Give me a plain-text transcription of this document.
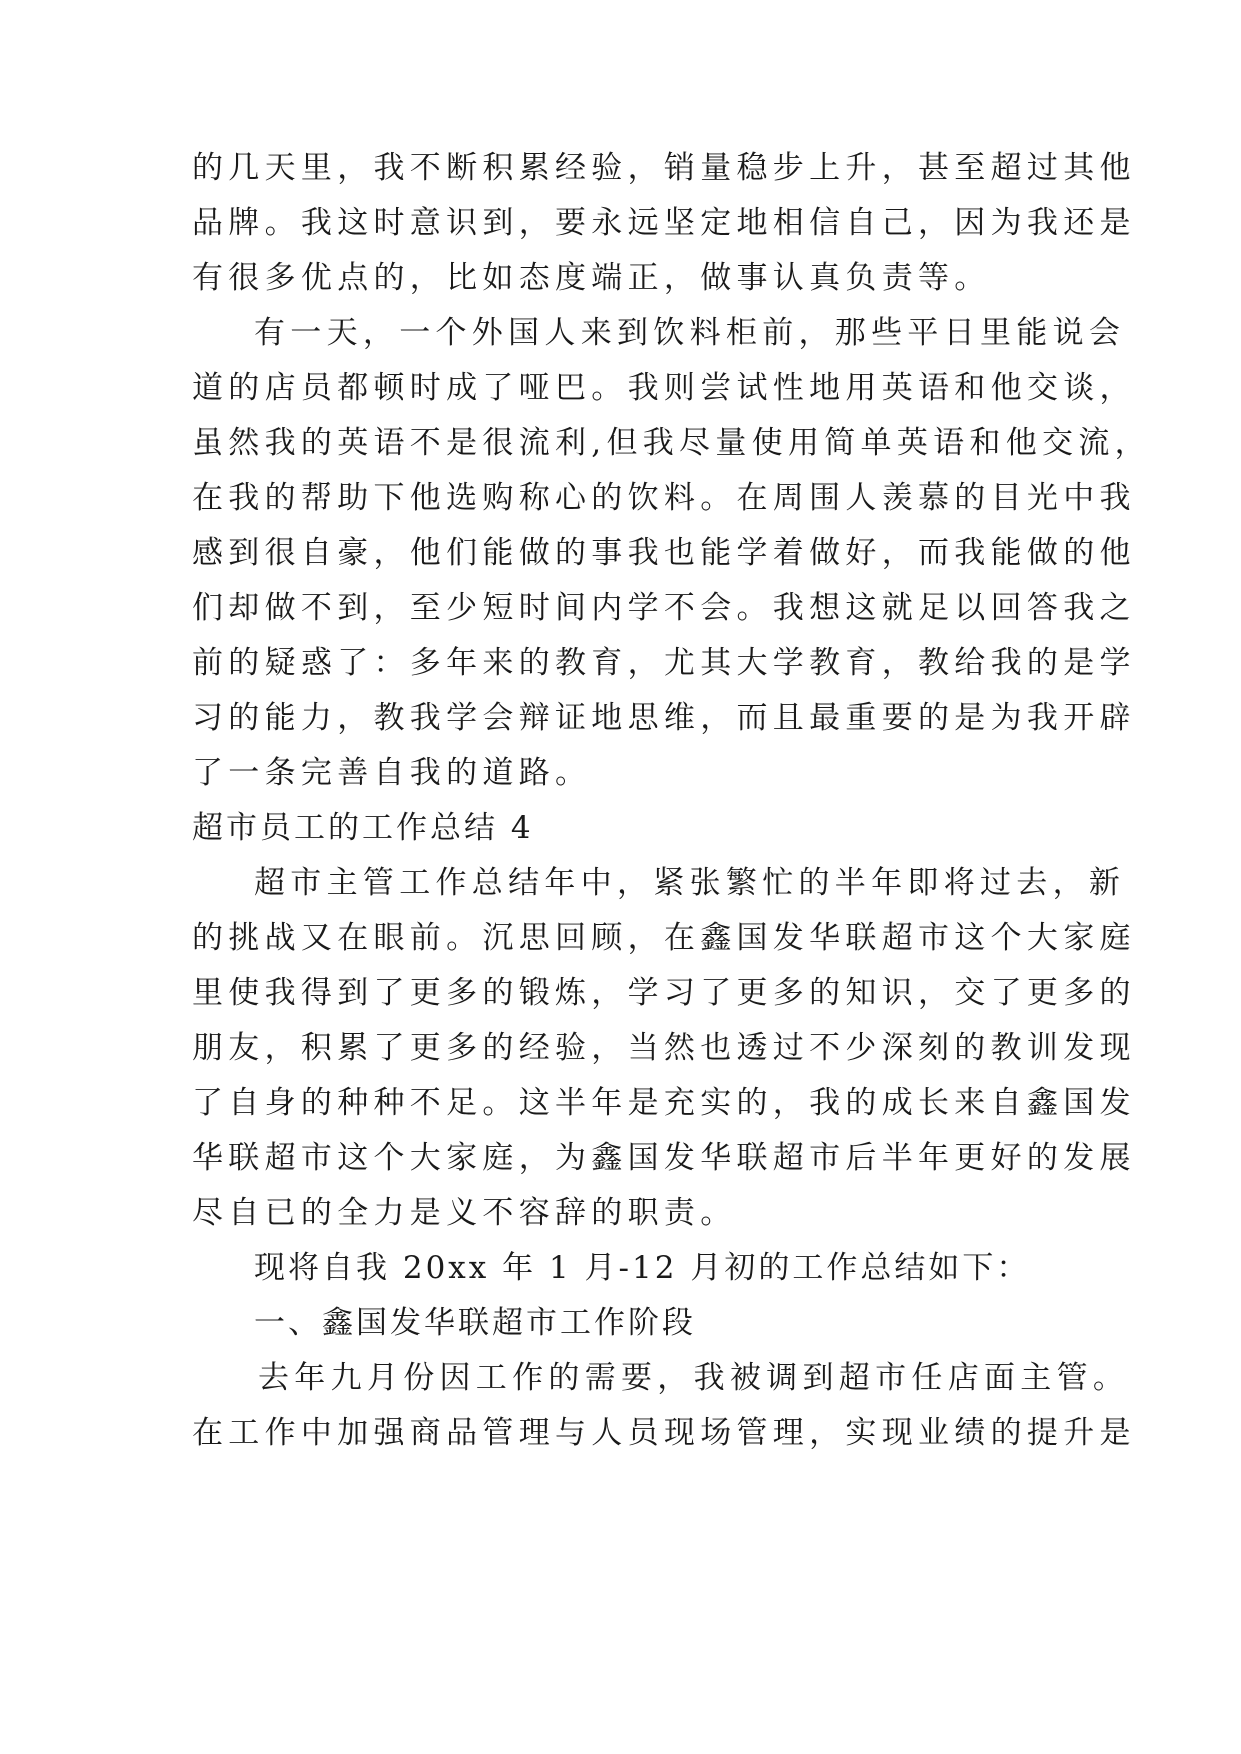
的几天里，我不断积累经验，销量稳步上升，甚至超过其他
品牌。我这时意识到，要永远坚定地相信自己，因为我还是
有很多优点的，比如态度端正，做事认真负责等。
有一天，一个外国人来到饮料柜前，那些平日里能说会
道的店员都顿时成了哑巴。我则尝试性地用英语和他交谈，
虽然我的英语不是很流利,但我尽量使用简单英语和他交流，
在我的帮助下他选购称心的饮料。在周围人羡慕的目光中我
感到很自豪，他们能做的事我也能学着做好，而我能做的他
们却做不到，至少短时间内学不会。我想这就足以回答我之
前的疑惑了：多年来的教育，尤其大学教育，教给我的是学
习的能力，教我学会辩证地思维，而且最重要的是为我开辟
了一条完善自我的道路。
超市员工的工作总结 4
超市主管工作总结年中，紧张繁忙的半年即将过去，新
的挑战又在眼前。沉思回顾，在鑫国发华联超市这个大家庭
里使我得到了更多的锻炼，学习了更多的知识，交了更多的
朋友，积累了更多的经验，当然也透过不少深刻的教训发现
了自身的种种不足。这半年是充实的，我的成长来自鑫国发
华联超市这个大家庭，为鑫国发华联超市后半年更好的发展
尽自已的全力是义不容辞的职责。
现将自我 20xx 年 1 月-12 月初的工作总结如下：
一、鑫国发华联超市工作阶段
去年九月份因工作的需要，我被调到超市任店面主管。
在工作中加强商品管理与人员现场管理，实现业绩的提升是
